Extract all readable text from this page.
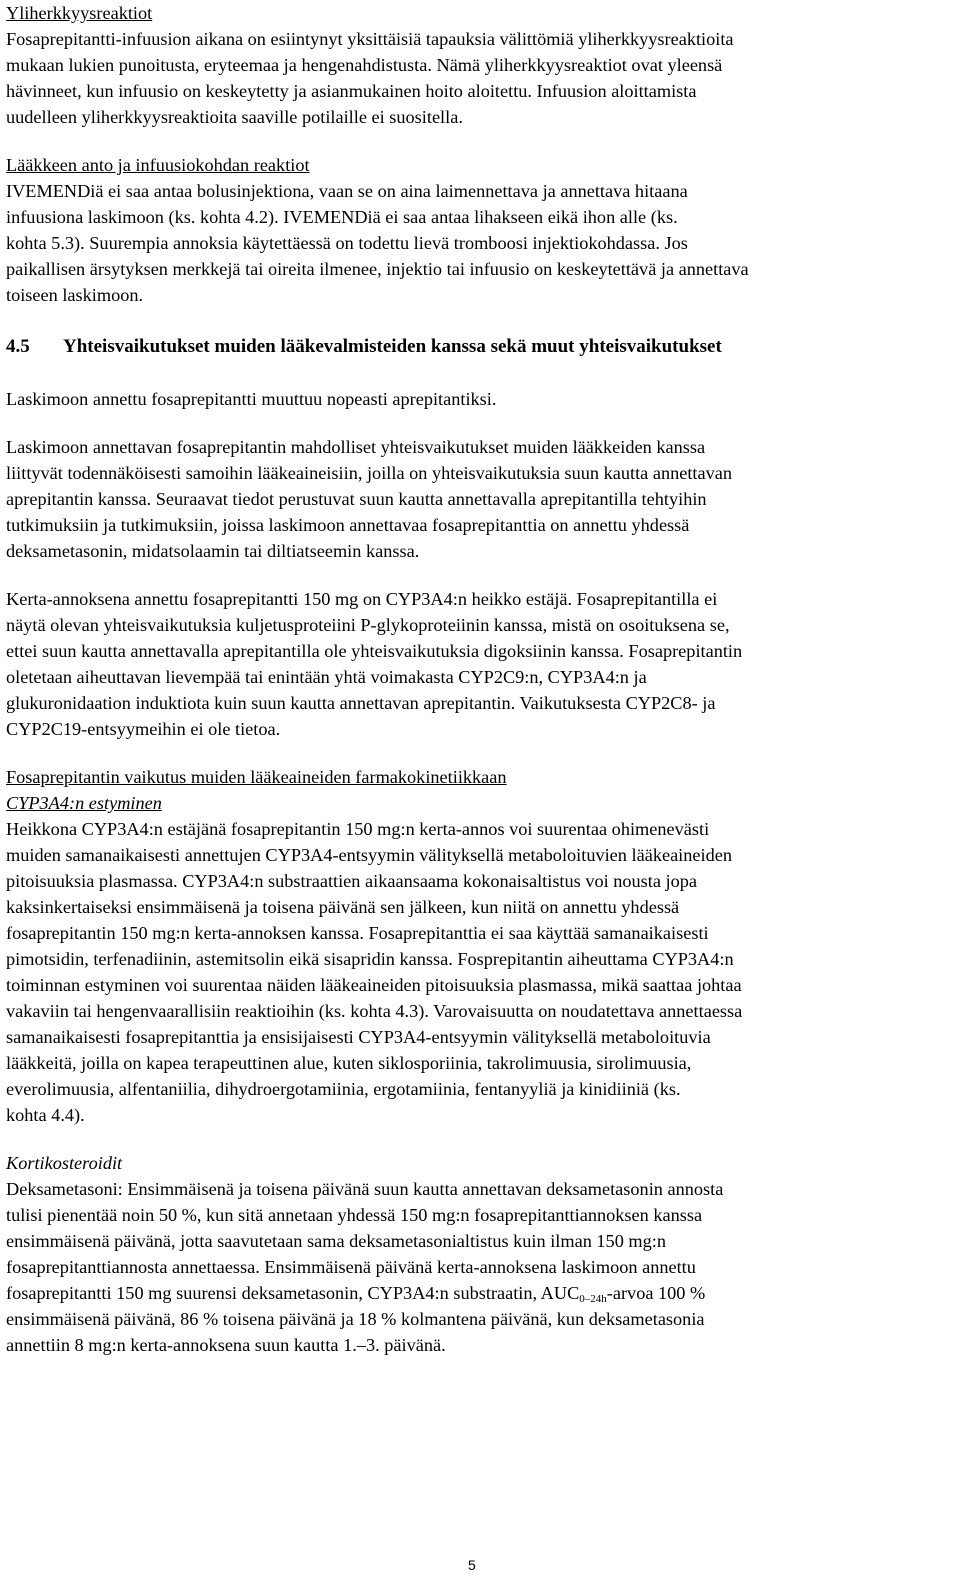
Yliherkkyysreaktiot
Fosaprepitantti-infuusion aikana on esiintynyt yksittäisiä tapauksia välittömiä yliherkkyysreaktioita
mukaan lukien punoitusta, eryteemaa ja hengenahdistusta. Nämä yliherkkyysreaktiot ovat yleensä
hävinneet, kun infuusio on keskeytetty ja asianmukainen hoito aloitettu. Infuusion aloittamista
uudelleen yliherkkyysreaktioita saaville potilaille ei suositella.
Lääkkeen anto ja infuusiokohdan reaktiot
IVEMENDiä ei saa antaa bolusinjektiona, vaan se on aina laimennettava ja annettava hitaana
infuusiona laskimoon (ks. kohta 4.2). IVEMENDiä ei saa antaa lihakseen eikä ihon alle (ks.
kohta 5.3). Suurempia annoksia käytettäessä on todettu lievä tromboosi injektiokohdassa. Jos
paikallisen ärsytyksen merkkejä tai oireita ilmenee, injektio tai infuusio on keskeytettävä ja annettava
toiseen laskimoon.
4.5 Yhteisvaikutukset muiden lääkevalmisteiden kanssa sekä muut yhteisvaikutukset
Laskimoon annettu fosaprepitantti muuttuu nopeasti aprepitantiksi.
Laskimoon annettavan fosaprepitantin mahdolliset yhteisvaikutukset muiden lääkkeiden kanssa
liittyvät todennäköisesti samoihin lääkeaineisiin, joilla on yhteisvaikutuksia suun kautta annettavan
aprepitantin kanssa. Seuraavat tiedot perustuvat suun kautta annettavalla aprepitantilla tehtyihin
tutkimuksiin ja tutkimuksiin, joissa laskimoon annettavaa fosaprepitanttia on annettu yhdessä
deksametasonin, midatsolaamin tai diltiatseemin kanssa.
Kerta-annoksena annettu fosaprepitantti 150 mg on CYP3A4:n heikko estäjä. Fosaprepitantilla ei
näytä olevan yhteisvaikutuksia kuljetusproteiini P-glykoproteiinin kanssa, mistä on osoituksena se,
ettei suun kautta annettavalla aprepitantilla ole yhteisvaikutuksia digoksiinin kanssa. Fosaprepitantin
oletetaan aiheuttavan lievempää tai enintään yhtä voimakasta CYP2C9:n, CYP3A4:n ja
glukuronidaation induktiota kuin suun kautta annettavan aprepitantin. Vaikutuksesta CYP2C8- ja
CYP2C19-entsyymeihin ei ole tietoa.
Fosaprepitantin vaikutus muiden lääkeaineiden farmakokinetiikkaan
CYP3A4:n estyminen
Heikkona CYP3A4:n estäjänä fosaprepitantin 150 mg:n kerta-annos voi suurentaa ohimenevästi
muiden samanaikaisesti annettujen CYP3A4-entsyymin välityksellä metaboloituvien lääkeaineiden
pitoisuuksia plasmassa. CYP3A4:n substraattien aikaansaama kokonaisaltistus voi nousta jopa
kaksinkertaiseksi ensimmäisenä ja toisena päivänä sen jälkeen, kun niitä on annettu yhdessä
fosaprepitantin 150 mg:n kerta-annoksen kanssa. Fosaprepitanttia ei saa käyttää samanaikaisesti
pimotsidin, terfenadiinin, astemitsolin eikä sisapridin kanssa. Fosprepitantin aiheuttama CYP3A4:n
toiminnan estyminen voi suurentaa näiden lääkeaineiden pitoisuuksia plasmassa, mikä saattaa johtaa
vakaviin tai hengenvaarallisiin reaktioihin (ks. kohta 4.3). Varovaisuutta on noudatettava annettaessa
samanaikaisesti fosaprepitanttia ja ensisijaisesti CYP3A4-entsyymin välityksellä metaboloituvia
lääkkeitä, joilla on kapea terapeuttinen alue, kuten siklosporiinia, takrolimuusia, sirolimuusia,
everolimuusia, alfentaniilia, dihydroergotamiinia, ergotamiinia, fentanyyliä ja kinidiiniä (ks.
kohta 4.4).
Kortikosteroidit
Deksametasoni: Ensimmäisenä ja toisena päivänä suun kautta annettavan deksametasonin annosta
tulisi pienentää noin 50 %, kun sitä annetaan yhdessä 150 mg:n fosaprepitanttiannoksen kanssa
ensimmäisenä päivänä, jotta saavutetaan sama deksametasonialtistus kuin ilman 150 mg:n
fosaprepitanttiannosta annettaessa. Ensimmäisenä päivänä kerta-annoksena laskimoon annettu
fosaprepitantti 150 mg suurensi deksametasonin, CYP3A4:n substraatin, $AUC_{0-24h}$-arvoa 100 %
ensimmäisenä päivänä, 86 % toisena päivänä ja 18 % kolmantena päivänä, kun deksametasonia
annettiin 8 mg:n kerta-annoksena suun kautta 1.–3. päivänä.
5
